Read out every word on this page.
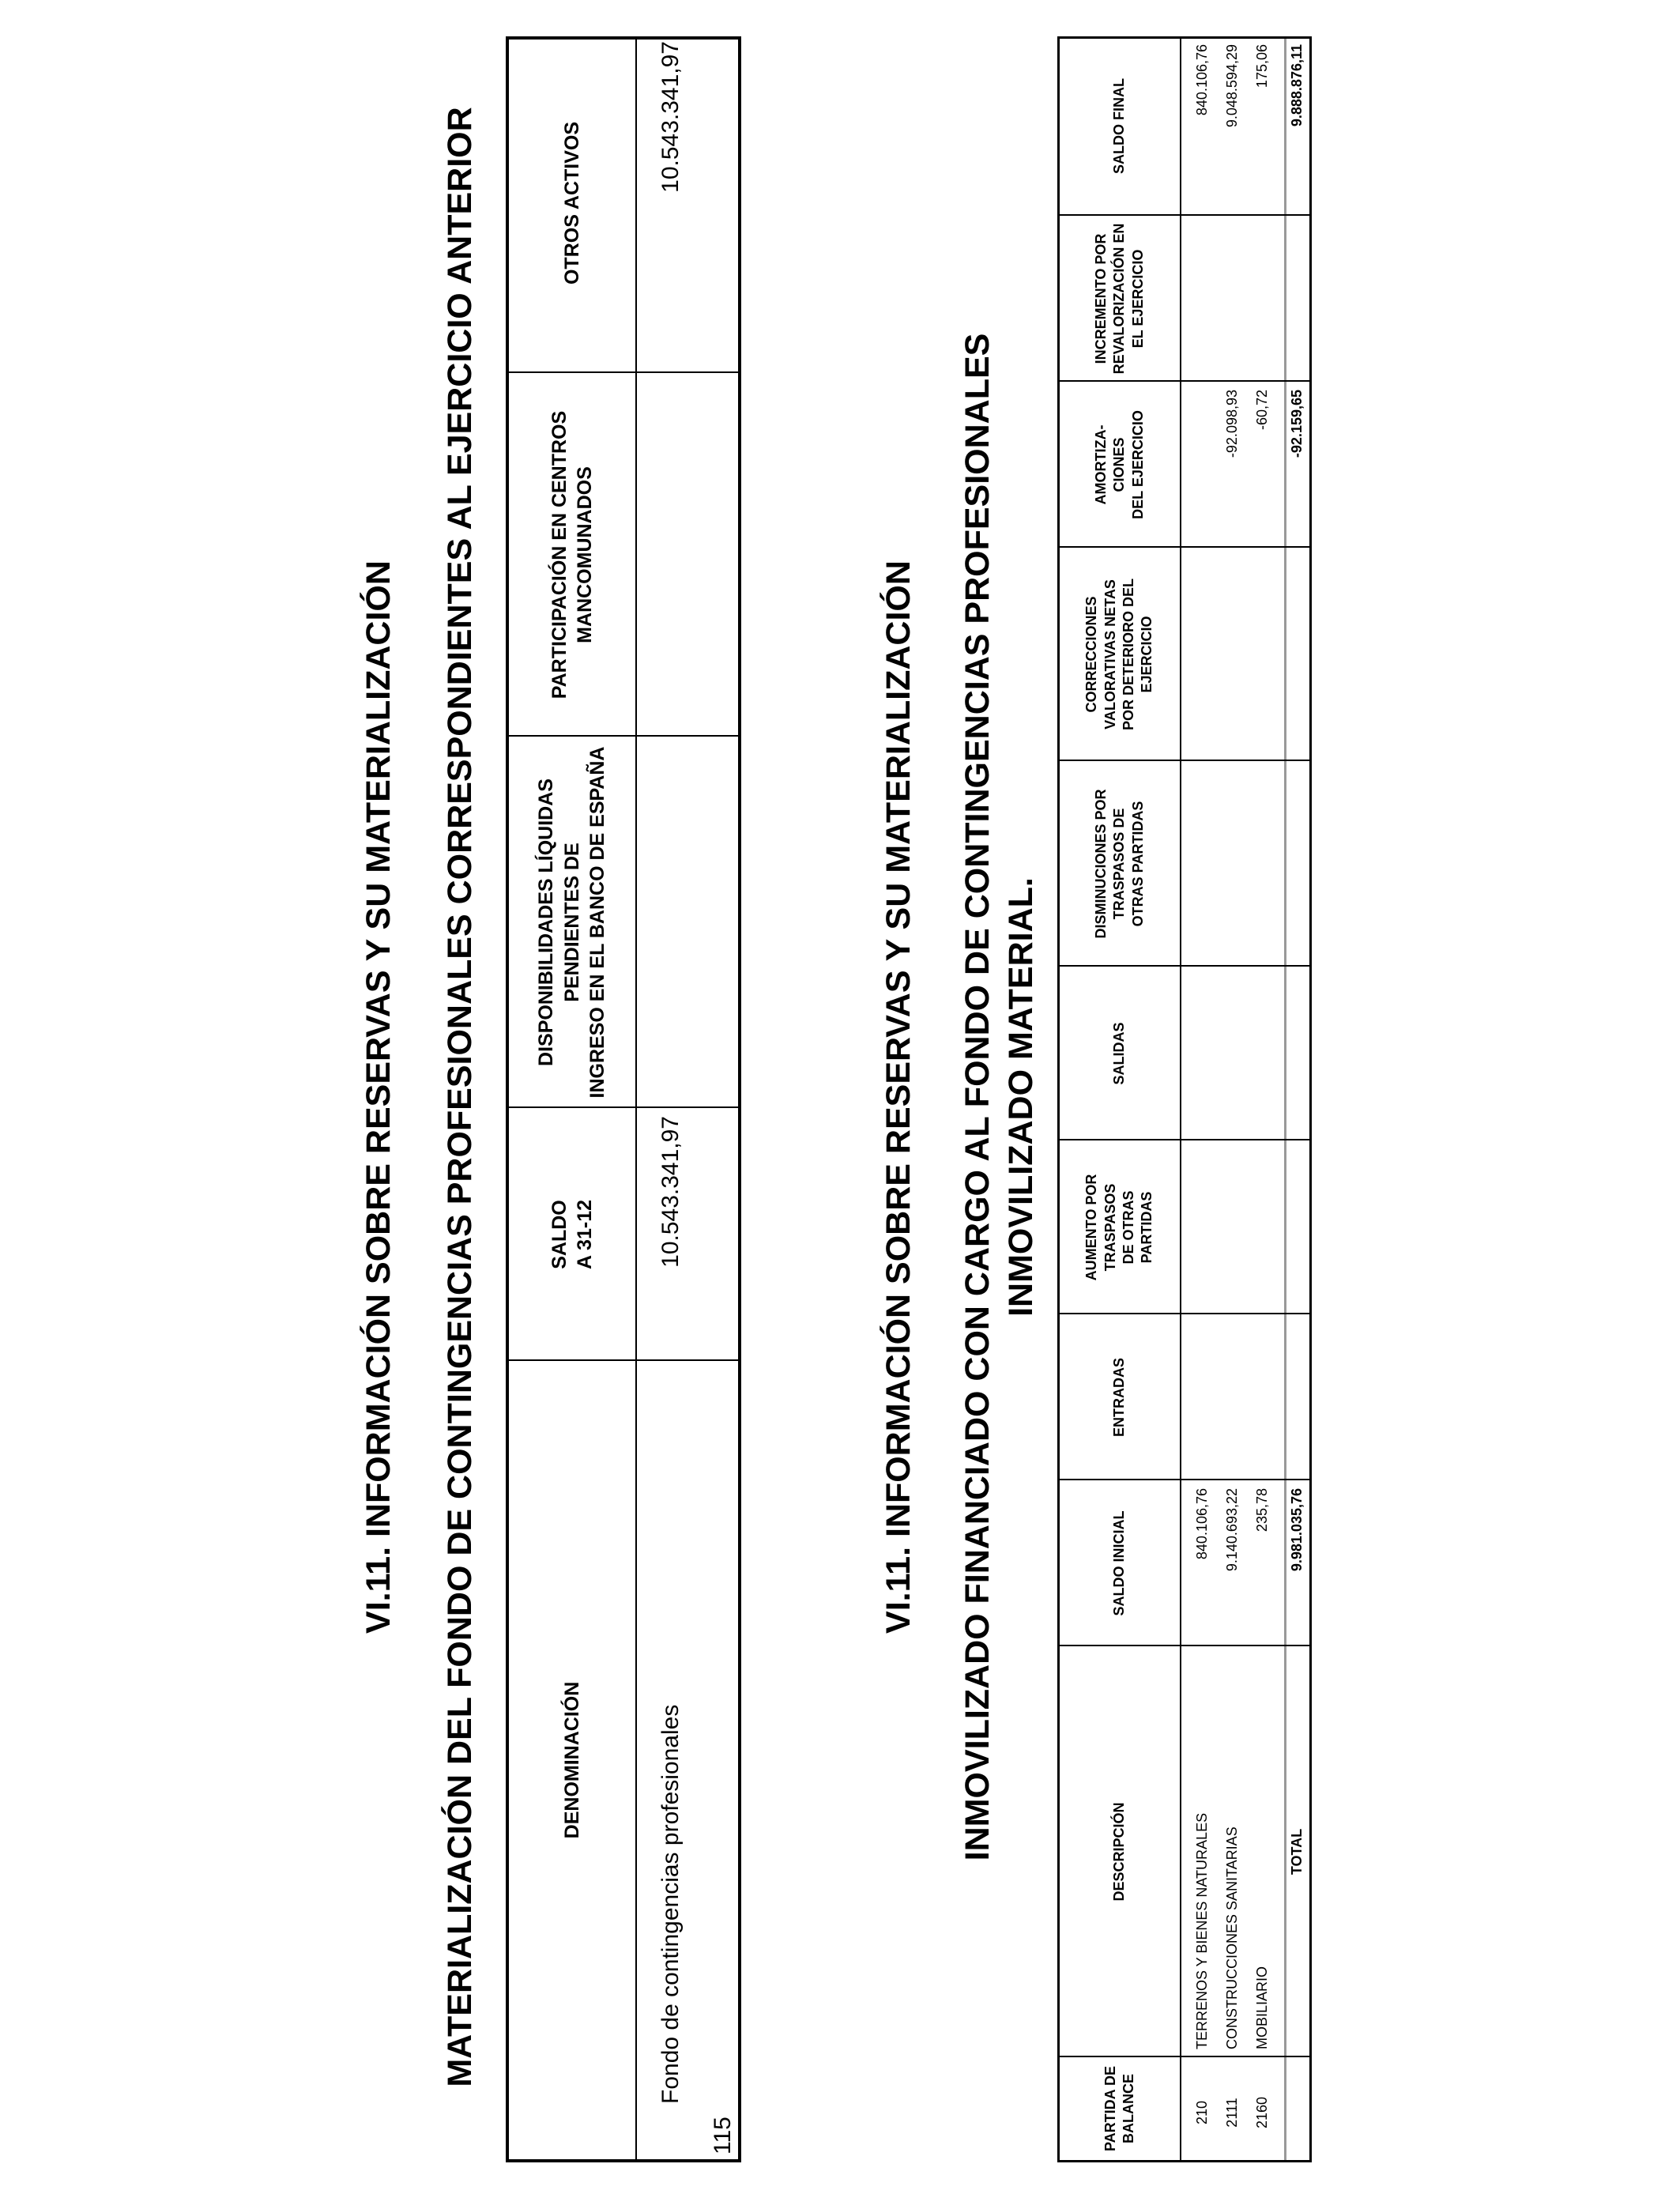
VI.11. INFORMACIÓN SOBRE RESERVAS Y SU MATERIALIZACIÓN MATERIALIZACIÓN DEL FONDO DE CONTINGENCIAS PROFESIONALES CORRESPONDIENTES AL EJERCICIO ANTERIOR	DENOMINACIÓN
SALDO A 31-12
DISPONIBILIDADES LÍQUIDAS PENDIENTES DE INGRESO EN EL BANCO DE ESPAÑA
PARTICIPACIÓN EN CENTROS MANCOMUNADOS
OTROS ACTIVOS
115
Fondo de contingencias profesionales
10.543.341,97
10.543.341,97
VI.11. INFORMACIÓN SOBRE RESERVAS Y SU MATERIALIZACIÓN INMOVILIZADO FINANCIADO CON CARGO AL FONDO DE CONTINGENCIAS PROFESIONALES INMOVILIZADO MATERIAL.
PARTIDA DE BALANCE
DESCRIPCIÓN
SALDO INICIAL
ENTRADAS
AUMENTO POR TRASPASOS DE OTRAS PARTIDAS
SALIDAS
DISMINUCIONES POR TRASPASOS DE OTRAS PARTIDAS
CORRECCIONES VALORATIVAS NETAS POR DETERIORO DEL EJERCICIO
AMORTIZA- CIONES DEL EJERCICIO
INCREMENTO POR REVALORIZACIÓN EN EL EJERCICIO
SALDO FINAL
210
TERRENOS Y BIENES NATURALES
840.106,76
840.106,76
2111
CONSTRUCCIONES SANITARIAS
9.140.693,22
-92.098,93
9.048.594,29
2160
MOBILIARIO
235,78
-60,72
175,06
TOTAL
9.981.035,76
-92.159,65
9.888.876,11
